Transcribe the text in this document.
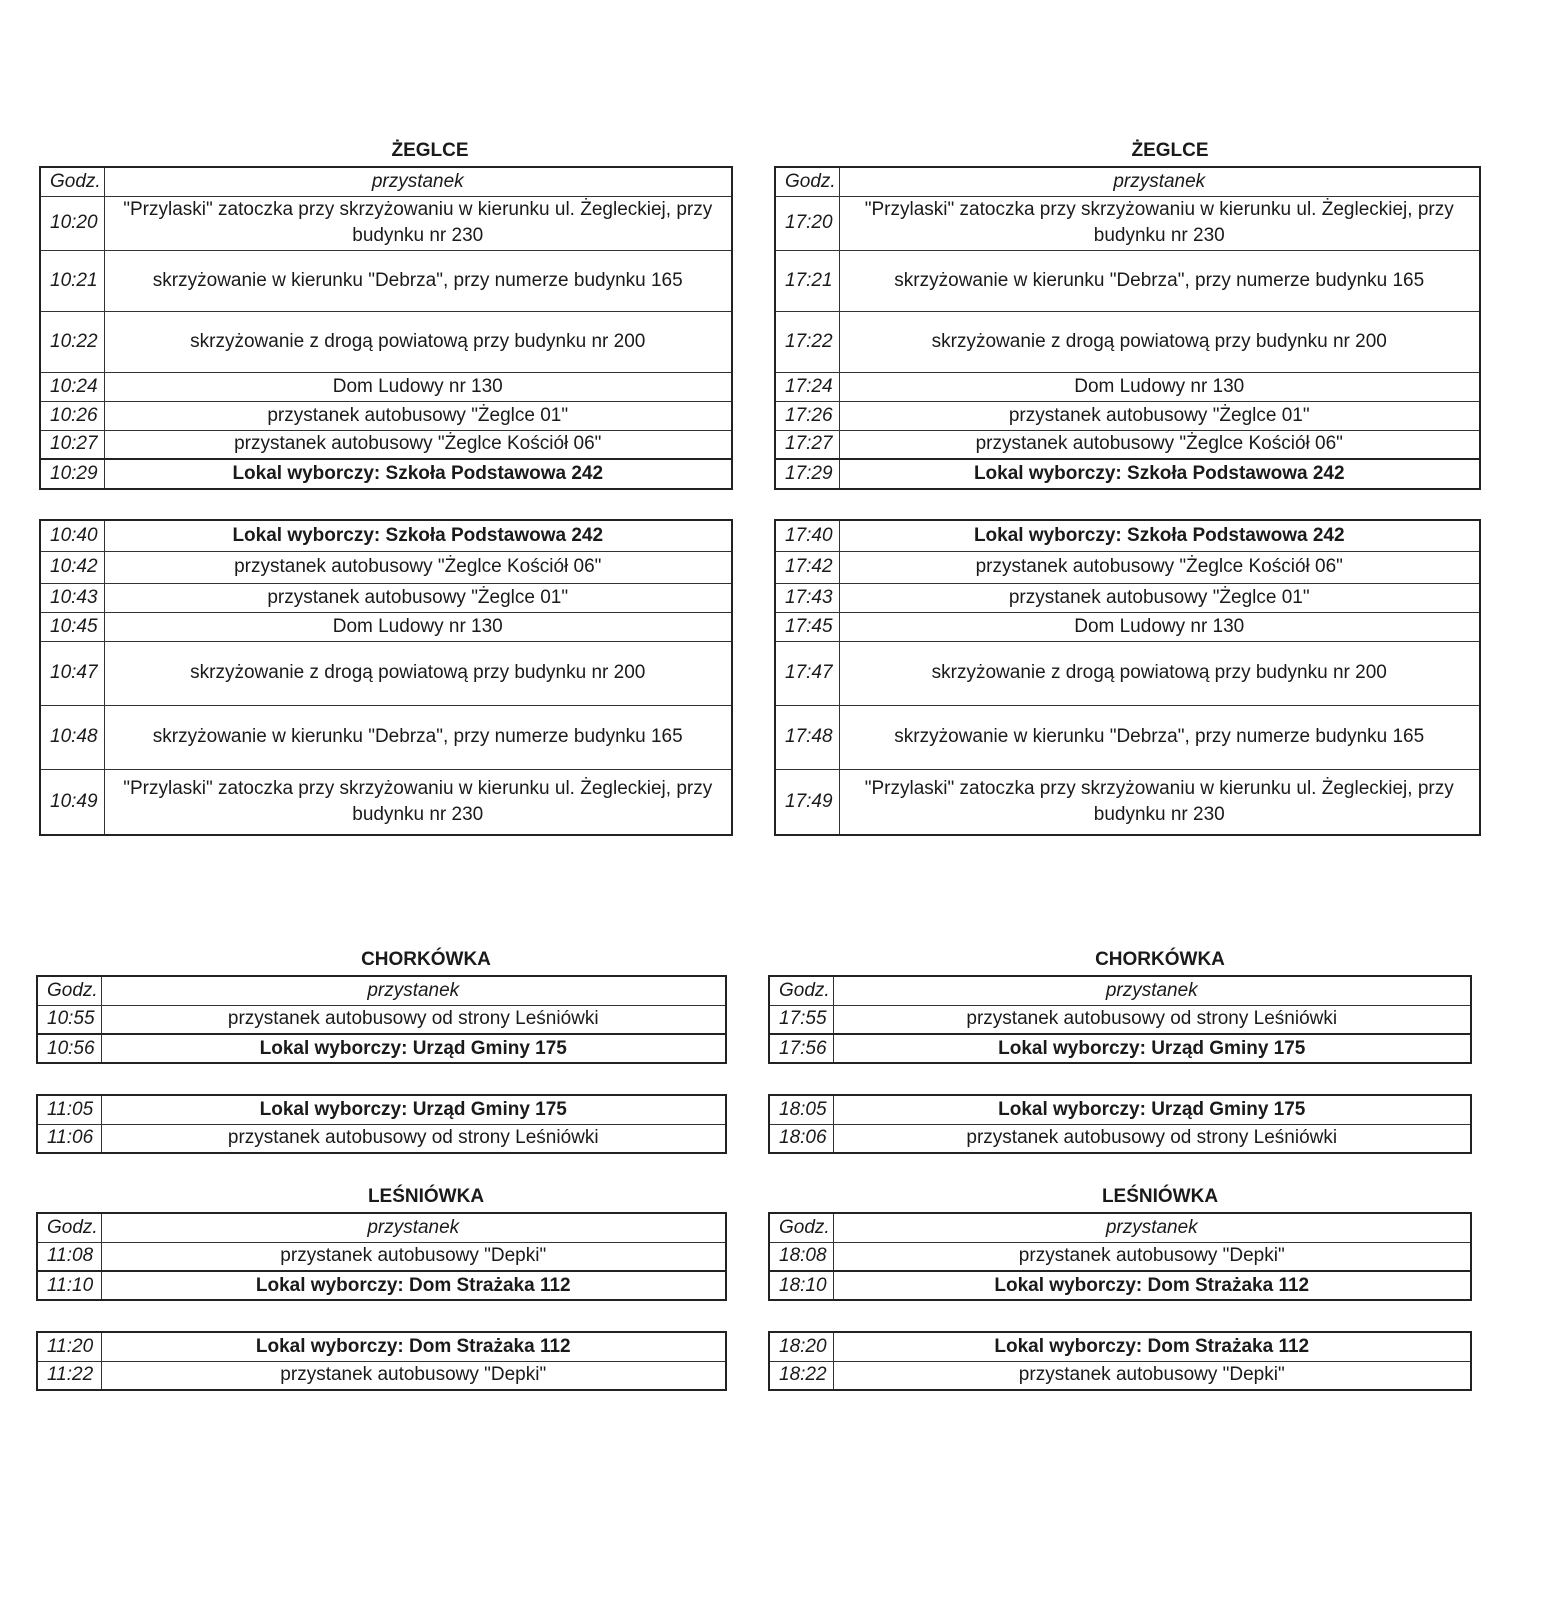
ŻEGLCE	ŻEGLCE
CHORKÓWKA	CHORKÓWKA
LEŚNIÓWKA	LEŚNIÓWKA
Godz.	przystanek
10:20	"Przylaski" zatoczka przy skrzyżowaniu w kierunku ul. Żegleckiej, przy budynku nr 230
10:21	skrzyżowanie w kierunku "Debrza", przy numerze budynku 165
10:22	skrzyżowanie z drogą powiatową przy budynku nr 200
10:24	Dom Ludowy nr 130
10:26	przystanek autobusowy "Żeglce 01"
10:27	przystanek autobusowy "Żeglce Kościół 06"
10:29	Lokal wyborczy: Szkoła Podstawowa 242
Godz.	przystanek
17:20	"Przylaski" zatoczka przy skrzyżowaniu w kierunku ul. Żegleckiej, przy budynku nr 230
17:21	skrzyżowanie w kierunku "Debrza", przy numerze budynku 165
17:22	skrzyżowanie z drogą powiatową przy budynku nr 200
17:24	Dom Ludowy nr 130
17:26	przystanek autobusowy "Żeglce 01"
17:27	przystanek autobusowy "Żeglce Kościół 06"
17:29	Lokal wyborczy: Szkoła Podstawowa 242
10:40	Lokal wyborczy: Szkoła Podstawowa 242
10:42	przystanek autobusowy "Żeglce Kościół 06"
10:43	przystanek autobusowy "Żeglce 01"
10:45	Dom Ludowy nr 130
10:47	skrzyżowanie z drogą powiatową przy budynku nr 200
10:48	skrzyżowanie w kierunku "Debrza", przy numerze budynku 165
10:49	"Przylaski" zatoczka przy skrzyżowaniu w kierunku ul. Żegleckiej, przy budynku nr 230
17:40	Lokal wyborczy: Szkoła Podstawowa 242
17:42	przystanek autobusowy "Żeglce Kościół 06"
17:43	przystanek autobusowy "Żeglce 01"
17:45	Dom Ludowy nr 130
17:47	skrzyżowanie z drogą powiatową przy budynku nr 200
17:48	skrzyżowanie w kierunku "Debrza", przy numerze budynku 165
17:49	"Przylaski" zatoczka przy skrzyżowaniu w kierunku ul. Żegleckiej, przy budynku nr 230
Godz.	przystanek
10:55	przystanek autobusowy od strony Leśniówki
10:56	Lokal wyborczy: Urząd Gminy 175
Godz.	przystanek
17:55	przystanek autobusowy od strony Leśniówki
17:56	Lokal wyborczy: Urząd Gminy 175
11:05	Lokal wyborczy: Urząd Gminy 175
11:06	przystanek autobusowy od strony Leśniówki
18:05	Lokal wyborczy: Urząd Gminy 175
18:06	przystanek autobusowy od strony Leśniówki
Godz.	przystanek
11:08	przystanek autobusowy "Depki"
11:10	Lokal wyborczy: Dom Strażaka 112
Godz.	przystanek
18:08	przystanek autobusowy "Depki"
18:10	Lokal wyborczy: Dom Strażaka 112
11:20	Lokal wyborczy: Dom Strażaka 112
11:22	przystanek autobusowy "Depki"
18:20	Lokal wyborczy: Dom Strażaka 112
18:22	przystanek autobusowy "Depki"
